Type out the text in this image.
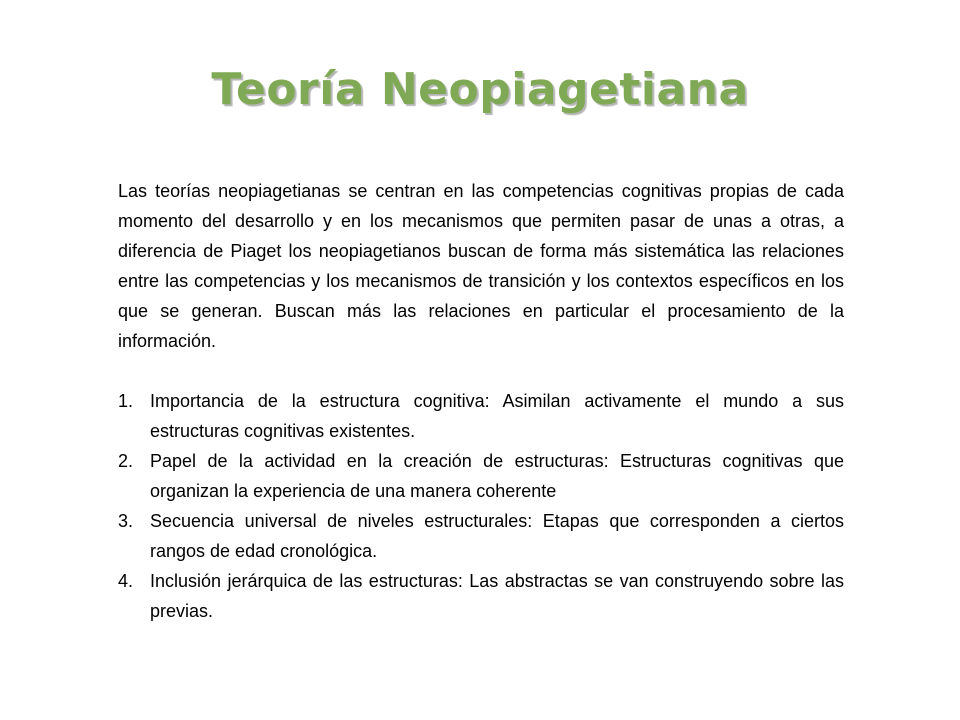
Teoría Neopiagetiana

Las teorías neopiagetianas se centran en las competencias cognitivas propias de cada momento del desarrollo y en los mecanismos que permiten pasar de unas a otras, a diferencia de Piaget los neopiagetianos buscan de forma más sistemática las relaciones entre las competencias y los mecanismos de transición y los contextos específicos en los que se generan. Buscan más las relaciones en particular el procesamiento de la información.

1. Importancia de la estructura cognitiva: Asimilan activamente el mundo a sus estructuras cognitivas existentes.
2. Papel de la actividad en la creación de estructuras: Estructuras cognitivas que organizan la experiencia de una manera coherente
3. Secuencia universal de niveles estructurales: Etapas que corresponden a ciertos rangos de edad cronológica.
4. Inclusión jerárquica de las estructuras: Las abstractas se van construyendo sobre las previas.
